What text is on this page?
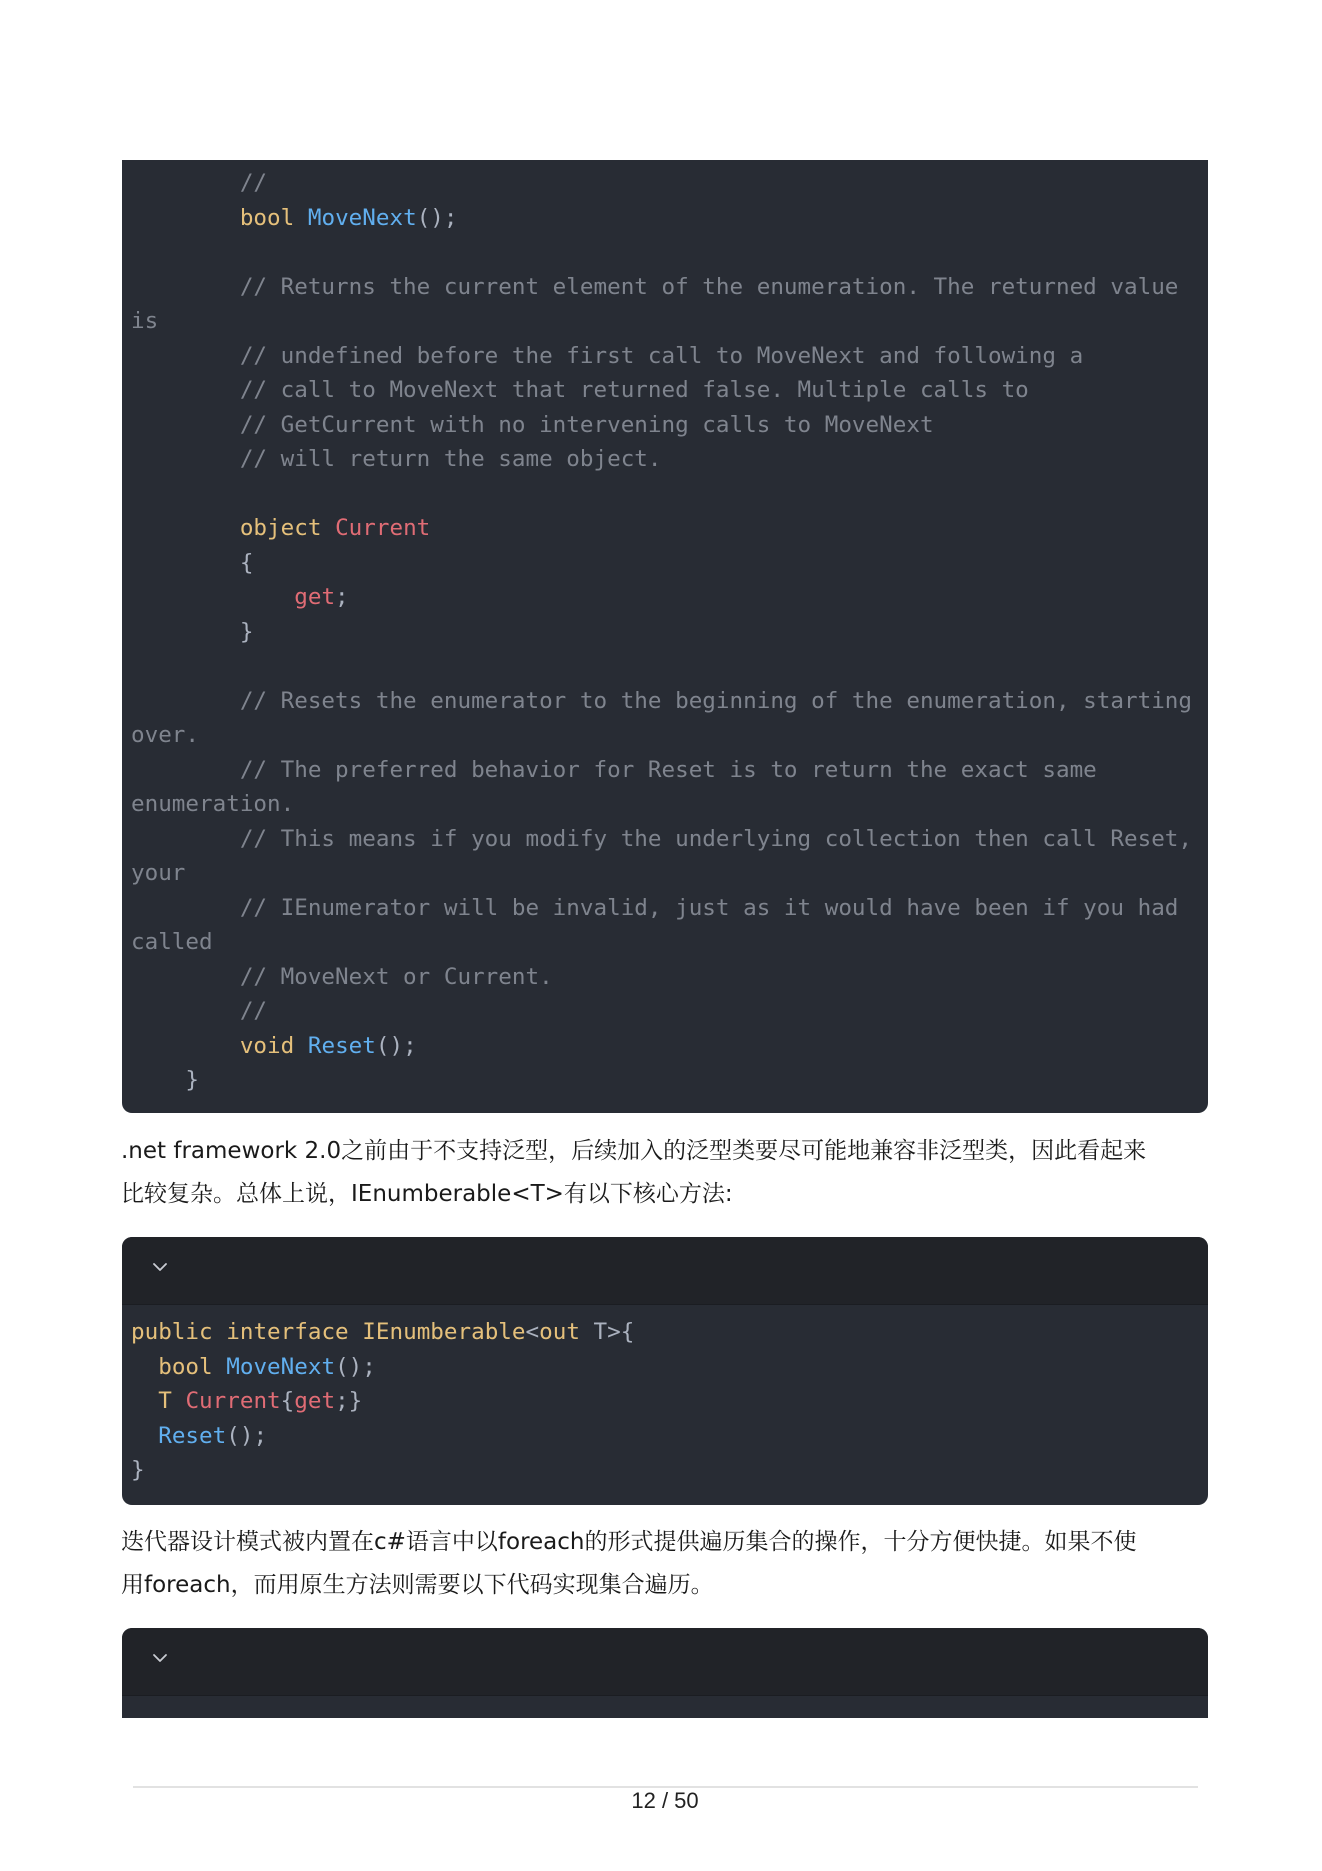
//
bool MoveNext();

// Returns the current element of the enumeration. The returned value
is
// undefined before the first call to MoveNext and following a
// call to MoveNext that returned false. Multiple calls to
// GetCurrent with no intervening calls to MoveNext
// will return the same object.

object Current
{
get;
}

// Resets the enumerator to the beginning of the enumeration, starting
over.
// The preferred behavior for Reset is to return the exact same
enumeration.
// This means if you modify the underlying collection then call Reset,
your
// IEnumerator will be invalid, just as it would have been if you had
called
// MoveNext or Current.
//
void Reset();
}

.net framework 2.0之前由于不支持泛型，后续加入的泛型类要尽可能地兼容非泛型类，因此看起来
比较复杂。总体上说，IEnumberable<T>有以下核心方法:

public interface IEnumberable<out T>{
bool MoveNext();
T Current{get;}
Reset();
}

迭代器设计模式被内置在c#语言中以foreach的形式提供遍历集合的操作，十分方便快捷。如果不使
用foreach，而用原生方法则需要以下代码实现集合遍历。

12 / 50
